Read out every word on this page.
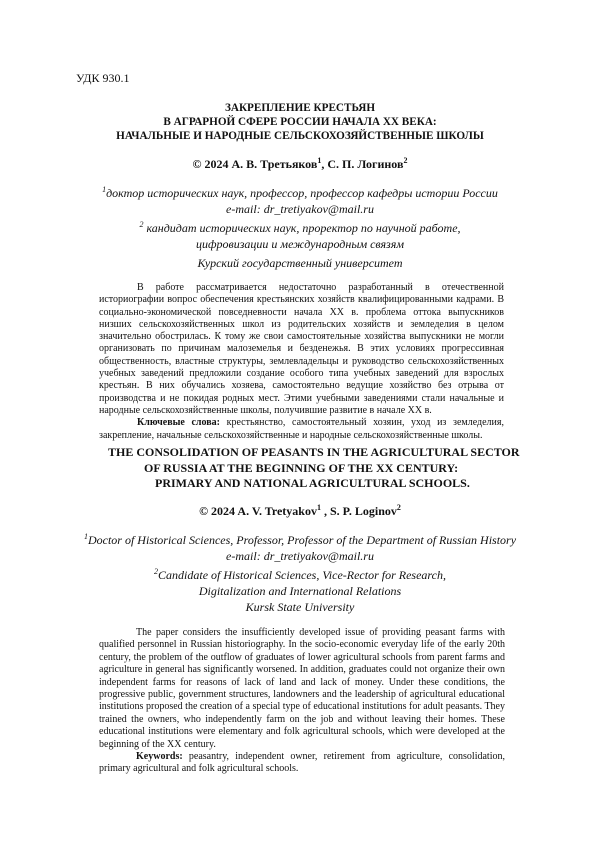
УДК 930.1
ЗАКРЕПЛЕНИЕ КРЕСТЬЯН
В АГРАРНОЙ СФЕРЕ РОССИИ НАЧАЛА ХХ ВЕКА:
НАЧАЛЬНЫЕ И НАРОДНЫЕ СЕЛЬСКОХОЗЯЙСТВЕННЫЕ ШКОЛЫ
© 2024 А. В. Третьяков$^1$, С. П. Логинов$^2$
$^1$доктор исторических наук, профессор, профессор кафедры истории России
e-mail: dr_tretiyakov@mail.ru
$^2$ кандидат исторических наук, проректор по научной работе,
цифровизации и международным связям
Курский государственный университет

В работе рассматривается недостаточно разработанный в отечественной историографии вопрос обеспечения крестьянских хозяйств квалифицированными кадрами. В социально-экономической повседневности начала ХХ в. проблема оттока выпускников низших сельскохозяйственных школ из родительских хозяйств и земледелия в целом значительно обострилась. К тому же свои самостоятельные хозяйства выпускники не могли организовать по причинам малоземелья и безденежья. В этих условиях прогрессивная общественность, властные структуры, землевладельцы и руководство сельскохозяйственных учебных заведений предложили создание особого типа учебных заведений для взрослых крестьян. В них обучались хозяева, самостоятельно ведущие хозяйство без отрыва от производства и не покидая родных мест. Этими учебными заведениями стали начальные и народные сельскохозяйственные школы, получившие развитие в начале ХХ в.

Ключевые слова: крестьянство, самостоятельный хозяин, уход из земледелия, закрепление, начальные сельскохозяйственные и народные сельскохозяйственные школы.

THE CONSOLIDATION OF PEASANTS IN THE AGRICULTURAL SECTOR
OF RUSSIA AT THE BEGINNING OF THE XX CENTURY:
PRIMARY AND NATIONAL AGRICULTURAL SCHOOLS.
© 2024 A. V. Tretyakov$^1$ , S. P. Loginov$^2$
$^1$Doctor of Historical Sciences, Professor, Professor of the Department of Russian History
e-mail: dr_tretiyakov@mail.ru
$^2$Candidate of Historical Sciences, Vice-Rector for Research,
Digitalization and International Relations
Kursk State University

The paper considers the insufficiently developed issue of providing peasant farms with qualified personnel in Russian historiography. In the socio-economic everyday life of the early 20th century, the problem of the outflow of graduates of lower agricultural schools from parent farms and agriculture in general has significantly worsened. In addition, graduates could not organize their own independent farms for reasons of lack of land and lack of money. Under these conditions, the progressive public, government structures, landowners and the leadership of agricultural educational institutions proposed the creation of a special type of educational institutions for adult peasants. They trained the owners, who independently farm on the job and without leaving their homes. These educational institutions were elementary and folk agricultural schools, which were developed at the beginning of the XX century.

Keywords: peasantry, independent owner, retirement from agriculture, consolidation, primary agricultural and folk agricultural schools.
